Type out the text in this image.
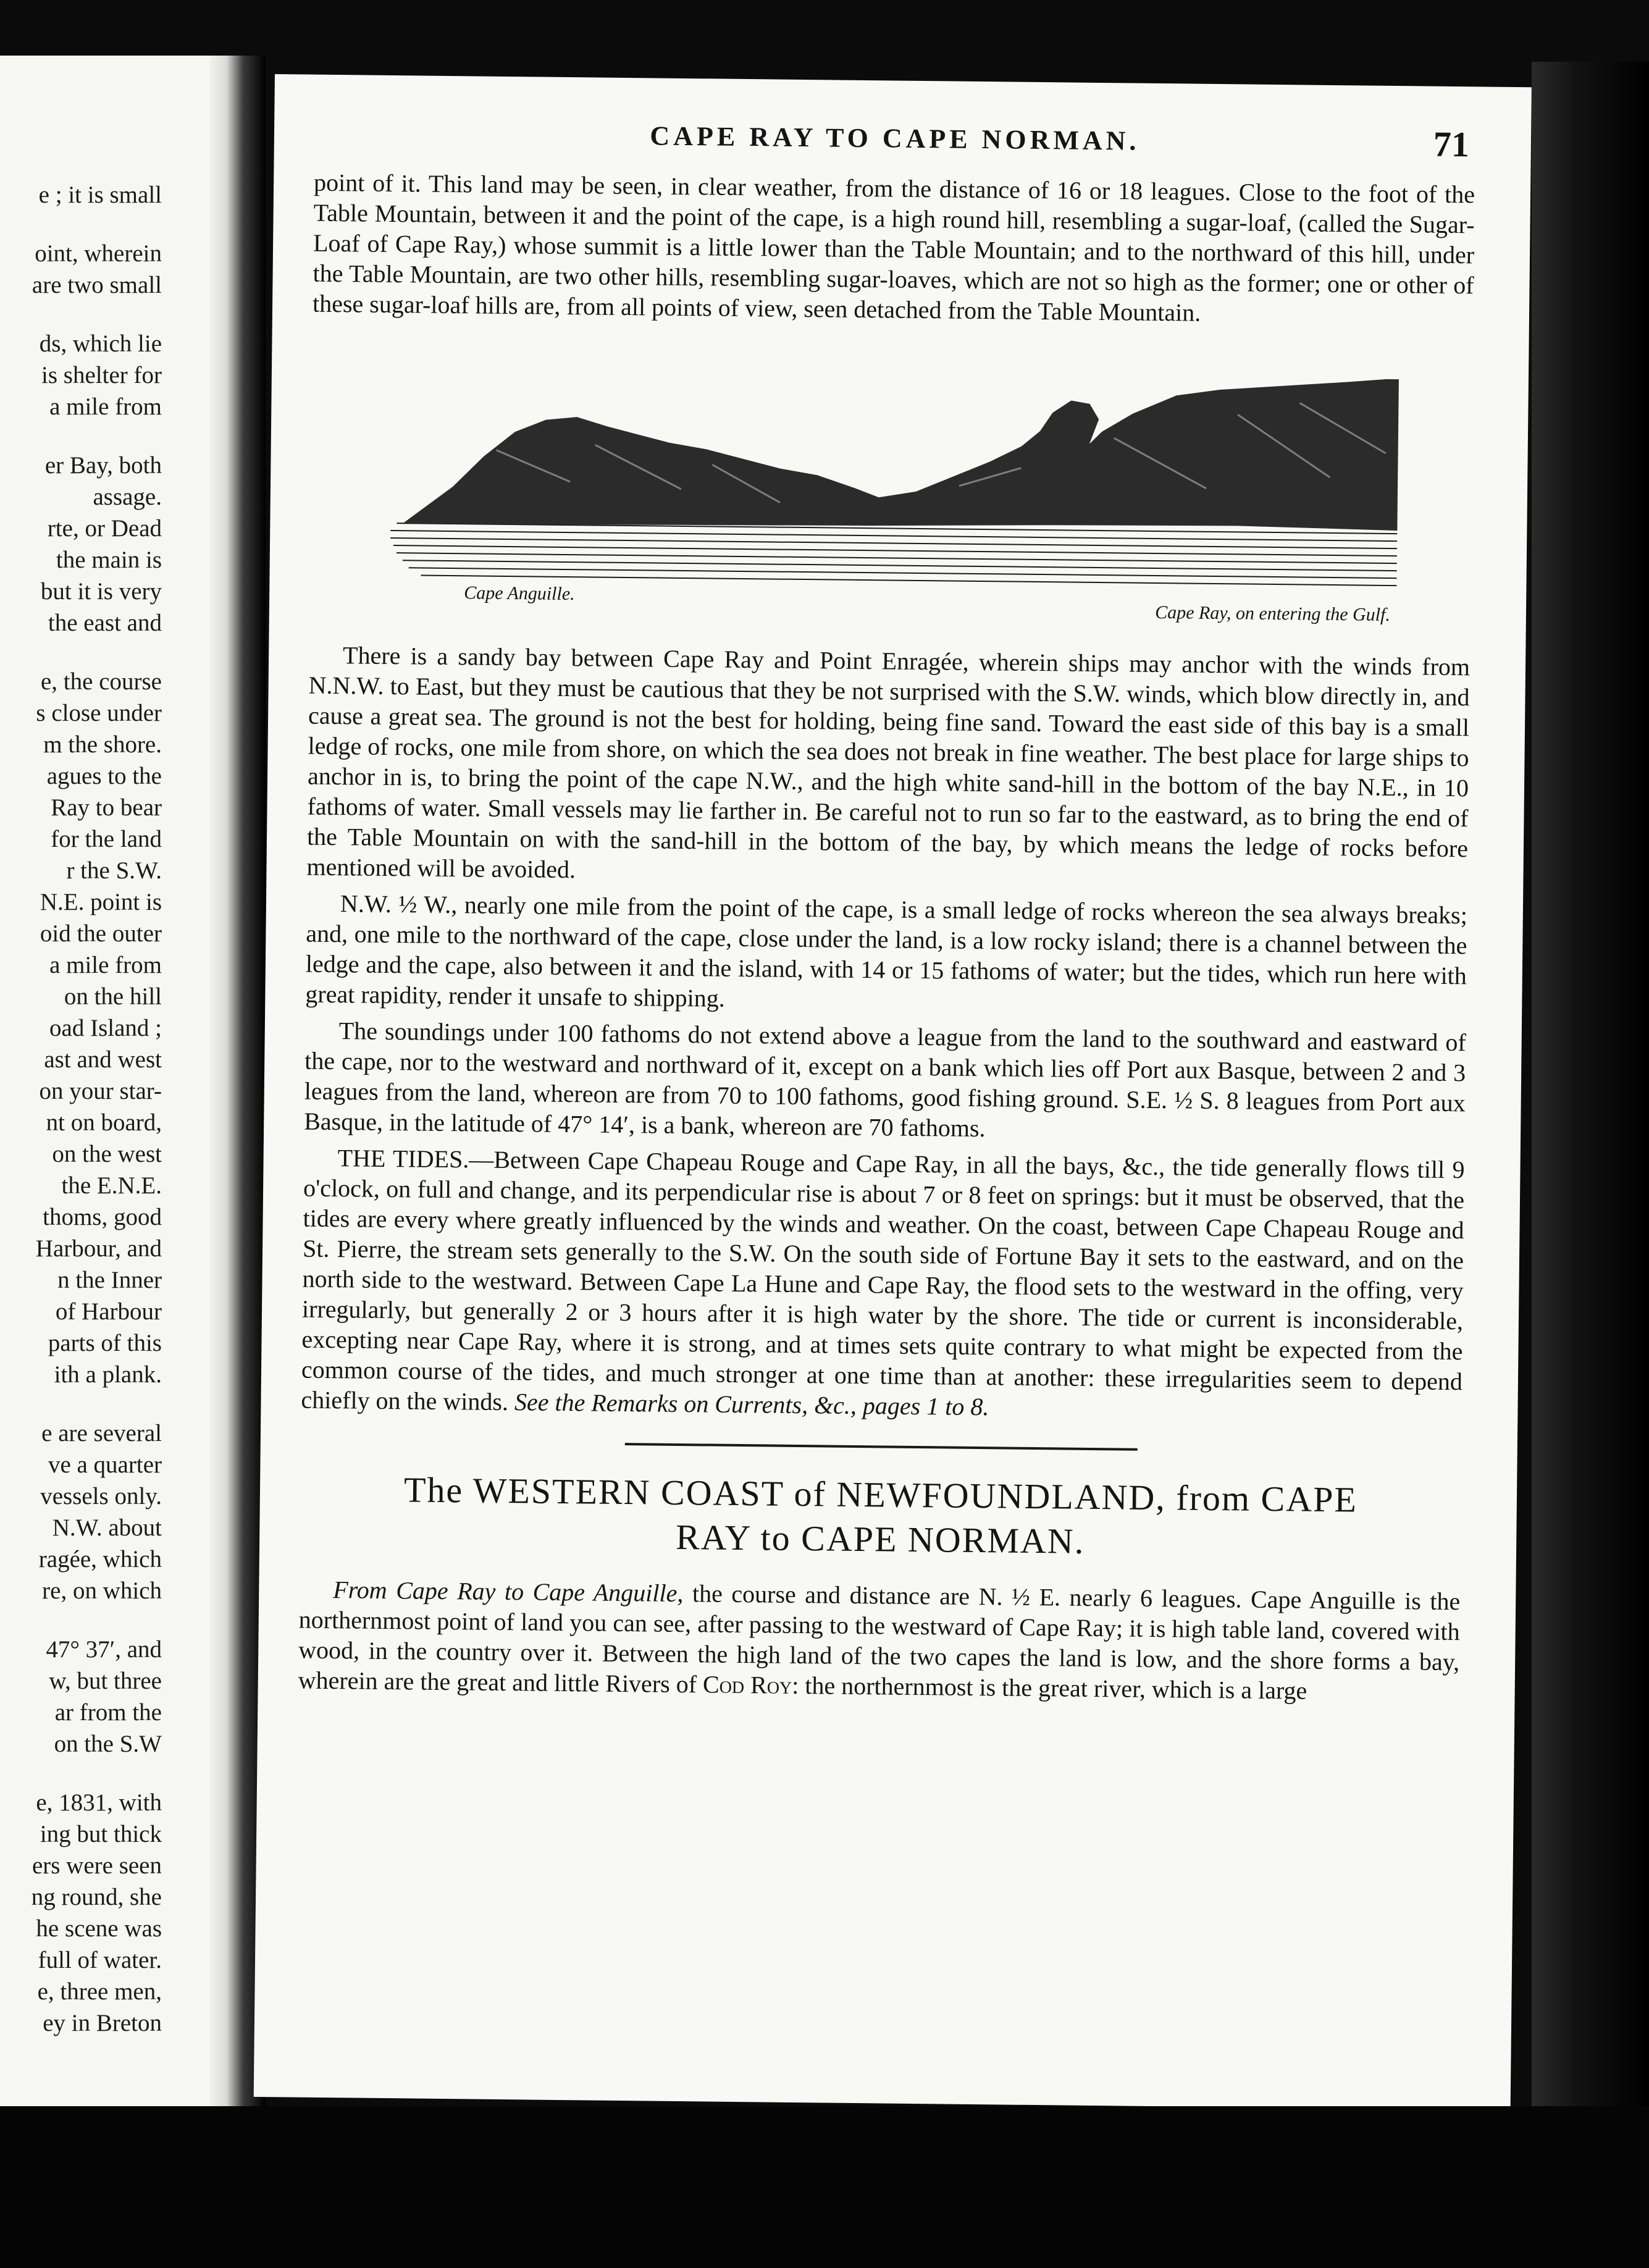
e ; it is small
oint, wherein
are two small
ds, which lie
is shelter for
a mile from
er Bay, both
assage.
rte, or Dead
the main is
but it is very
the east and
e, the course
s close under
m the shore.
agues to the
Ray to bear
for the land
r the S.W.
N.E. point is
oid the outer
a mile from
on the hill
oad Island ;
ast and west
on your star-
nt on board,
on the west
the E.N.E.
thoms, good
Harbour, and
n the Inner
of Harbour
parts of this
ith a plank.
e are several
ve a quarter
vessels only.
N.W. about
ragée, which
re, on which
47° 37′, and
w, but three
ar from the
on the S.W
e, 1831, with
ing but thick
ers were seen
ng round, she
he scene was
full of water.
e, three men,
ey in Breton
CAPE RAY TO CAPE NORMAN.	71

point of it. This land may be seen, in clear weather, from the distance of 16 or 18 leagues. Close to the foot of the Table Mountain, between it and the point of the cape, is a high round hill, resembling a sugar-loaf, (called the Sugar-Loaf of Cape Ray,) whose summit is a little lower than the Table Mountain; and to the northward of this hill, under the Table Mountain, are two other hills, resembling sugar-loaves, which are not so high as the former; one or other of these sugar-loaf hills are, from all points of view, seen detached from the Table Mountain.

Cape Anguille.
Cape Ray, on entering the Gulf.

There is a sandy bay between Cape Ray and Point Enragée, wherein ships may anchor with the winds from N.N.W. to East, but they must be cautious that they be not surprised with the S.W. winds, which blow directly in, and cause a great sea. The ground is not the best for holding, being fine sand. Toward the east side of this bay is a small ledge of rocks, one mile from shore, on which the sea does not break in fine weather. The best place for large ships to anchor in is, to bring the point of the cape N.W., and the high white sand-hill in the bottom of the bay N.E., in 10 fathoms of water. Small vessels may lie farther in. Be careful not to run so far to the eastward, as to bring the end of the Table Mountain on with the sand-hill in the bottom of the bay, by which means the ledge of rocks before mentioned will be avoided.

N.W. ½ W., nearly one mile from the point of the cape, is a small ledge of rocks whereon the sea always breaks; and, one mile to the northward of the cape, close under the land, is a low rocky island; there is a channel between the ledge and the cape, also between it and the island, with 14 or 15 fathoms of water; but the tides, which run here with great rapidity, render it unsafe to shipping.

The soundings under 100 fathoms do not extend above a league from the land to the southward and eastward of the cape, nor to the westward and northward of it, except on a bank which lies off Port aux Basque, between 2 and 3 leagues from the land, whereon are from 70 to 100 fathoms, good fishing ground. S.E. ½ S. 8 leagues from Port aux Basque, in the latitude of 47° 14′, is a bank, whereon are 70 fathoms.

THE TIDES.—Between Cape Chapeau Rouge and Cape Ray, in all the bays, &c., the tide generally flows till 9 o'clock, on full and change, and its perpendicular rise is about 7 or 8 feet on springs: but it must be observed, that the tides are every where greatly influenced by the winds and weather. On the coast, between Cape Chapeau Rouge and St. Pierre, the stream sets generally to the S.W. On the south side of Fortune Bay it sets to the eastward, and on the north side to the westward. Between Cape La Hune and Cape Ray, the flood sets to the westward in the offing, very irregularly, but generally 2 or 3 hours after it is high water by the shore. The tide or current is inconsiderable, excepting near Cape Ray, where it is strong, and at times sets quite contrary to what might be expected from the common course of the tides, and much stronger at one time than at another: these irregularities seem to depend chiefly on the winds. See the Remarks on Currents, &c., pages 1 to 8.

The WESTERN COAST of NEWFOUNDLAND, from CAPE
RAY to CAPE NORMAN.

From Cape Ray to Cape Anguille, the course and distance are N. ½ E. nearly 6 leagues. Cape Anguille is the northernmost point of land you can see, after passing to the westward of Cape Ray; it is high table land, covered with wood, in the country over it. Between the high land of the two capes the land is low, and the shore forms a bay, wherein are the great and little Rivers of Cod Roy: the northernmost is the great river, which is a large
